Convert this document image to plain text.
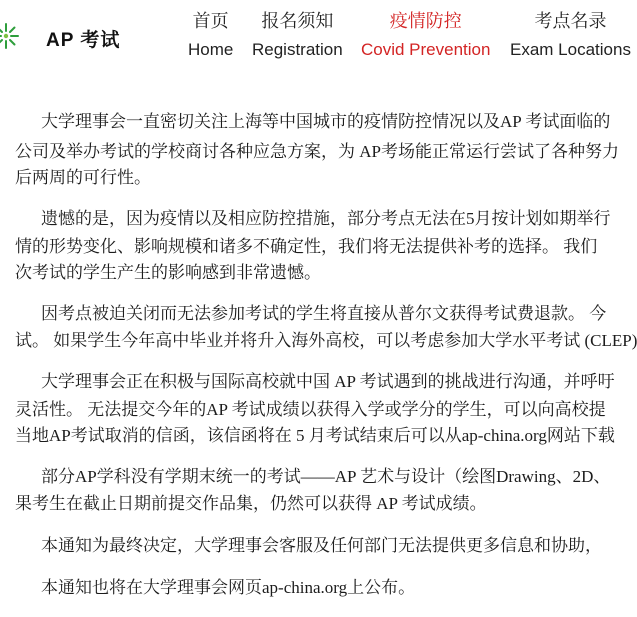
AP 考试
首页
Home
报名须知
Registration
疫情防控
Covid Prevention
考点名录
Exam Locations
大学理事会一直密切关注上海等中国城市的疫情防控情况以及AP 考试面临的
公司及举办考试的学校商讨各种应急方案，为 AP考场能正常运行尝试了各种努力
后两周的可行性。
遗憾的是，因为疫情以及相应防控措施，部分考点无法在5月按计划如期举行
情的形势变化、影响规模和诸多不确定性，我们将无法提供补考的选择。 我们
次考试的学生产生的影响感到非常遗憾。
因考点被迫关闭而无法参加考试的学生将直接从普尔文获得考试费退款。 今
试。 如果学生今年高中毕业并将升入海外高校，可以考虑参加大学水平考试 (CLEP)
大学理事会正在积极与国际高校就中国 AP 考试遇到的挑战进行沟通，并呼吁
灵活性。 无法提交今年的AP 考试成绩以获得入学或学分的学生，可以向高校提
当地AP考试取消的信函，该信函将在 5 月考试结束后可以从ap-china.org网站下载
部分AP学科没有学期末统一的考试——AP 艺术与设计（绘图Drawing、2D、
果考生在截止日期前提交作品集，仍然可以获得 AP 考试成绩。
本通知为最终决定，大学理事会客服及任何部门无法提供更多信息和协助，
本通知也将在大学理事会网页ap-china.org上公布。
